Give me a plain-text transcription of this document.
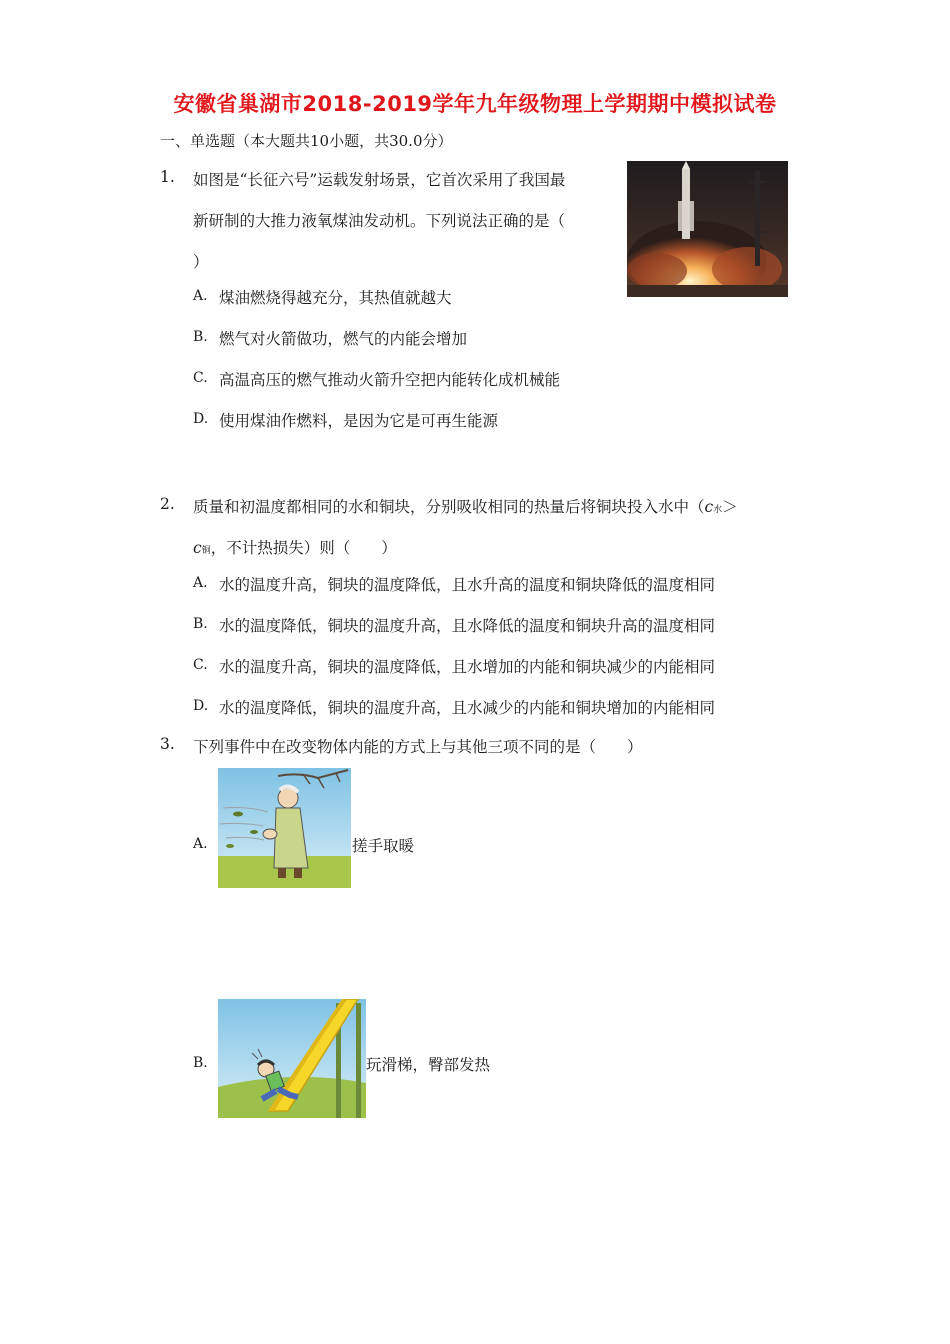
安徽省巢湖市2018-2019学年九年级物理上学期期中模拟试卷
一、单选题（本大题共10小题，共30.0分）
1. 如图是“长征六号”运载发射场景，它首次采用了我国最
新研制的大推力液氧煤油发动机。下列说法正确的是（
）
A. 煤油燃烧得越充分，其热值就越大
B. 燃气对火箭做功，燃气的内能会增加
C. 高温高压的燃气推动火箭升空把内能转化成机械能
D. 使用煤油作燃料，是因为它是可再生能源
2. 质量和初温度都相同的水和铜块，分别吸收相同的热量后将铜块投入水中（c水＞
c铜，不计热损失）则（　　）
A. 水的温度升高，铜块的温度降低，且水升高的温度和铜块降低的温度相同
B. 水的温度降低，铜块的温度升高，且水降低的温度和铜块升高的温度相同
C. 水的温度升高，铜块的温度降低，且水增加的内能和铜块减少的内能相同
D. 水的温度降低，铜块的温度升高，且水减少的内能和铜块增加的内能相同
3. 下列事件中在改变物体内能的方式上与其他三项不同的是（　　）
A.	搓手取暖
B.	玩滑梯，臀部发热
